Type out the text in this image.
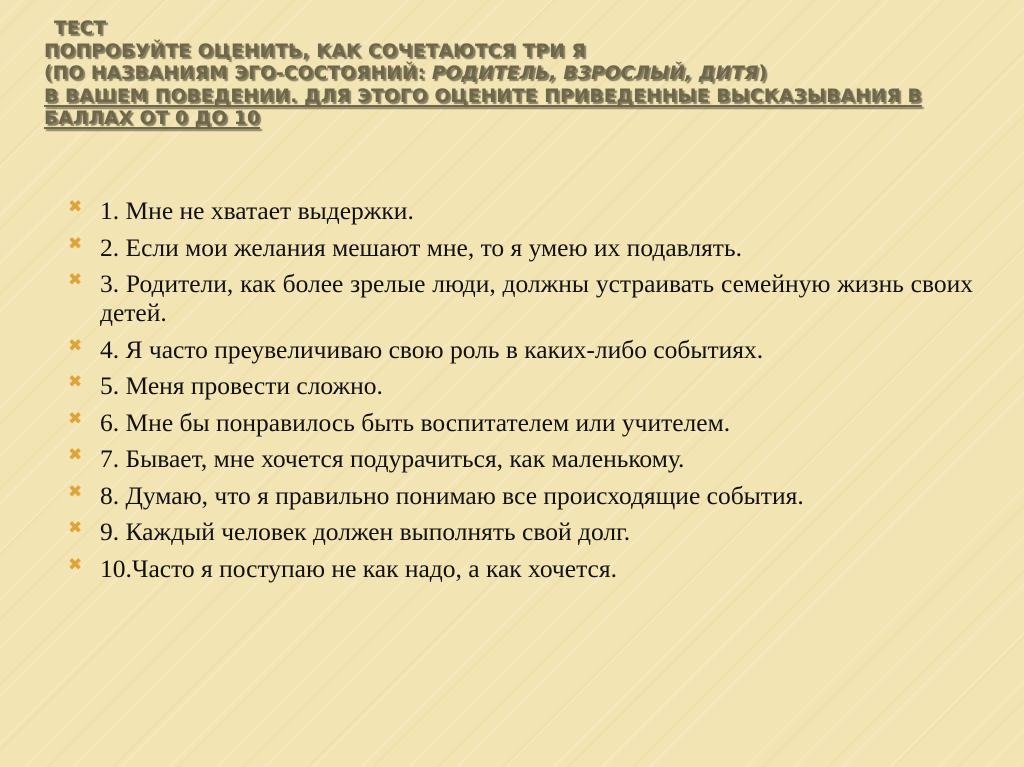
ТЕСТ
ПОПРОБУЙТЕ ОЦЕНИТЬ, КАК СОЧЕТАЮТСЯ ТРИ Я
(ПО НАЗВАНИЯМ ЭГО-СОСТОЯНИЙ: РОДИТЕЛЬ, ВЗРОСЛЫЙ, ДИТЯ)
В ВАШЕМ ПОВЕДЕНИИ. ДЛЯ ЭТОГО ОЦЕНИТЕ ПРИВЕДЕННЫЕ ВЫСКАЗЫВАНИЯ В БАЛЛАХ ОТ 0 ДО 10
✖ 1. Мне не хватает выдержки.
✖ 2. Если мои желания мешают мне, то я умею их подавлять.
✖ 3. Родители, как более зрелые люди, должны устраивать семейную жизнь своих детей.
✖ 4. Я часто преувеличиваю свою роль в каких-либо событиях.
✖ 5. Меня провести сложно.
✖ 6. Мне бы понравилось быть воспитателем или учителем.
✖ 7. Бывает, мне хочется подурачиться, как маленькому.
✖ 8. Думаю, что я правильно понимаю все происходящие события.
✖ 9. Каждый человек должен выполнять свой долг.
✖ 10.Часто я поступаю не как надо, а как хочется.
